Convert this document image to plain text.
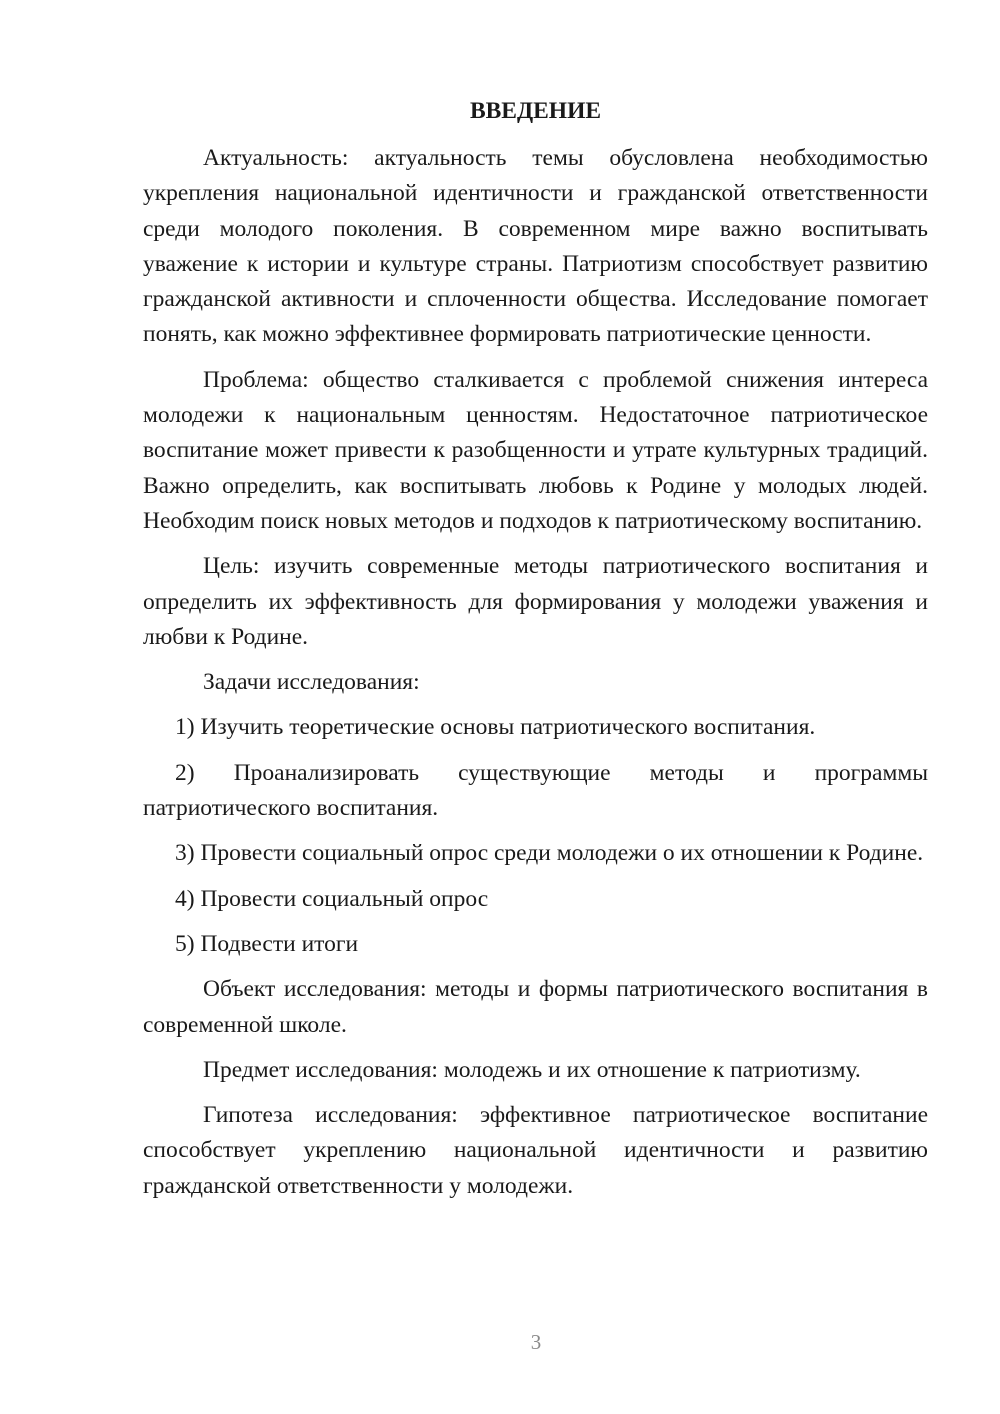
ВВЕДЕНИЕ

Актуальность: актуальность темы обусловлена необходимостью укрепления национальной идентичности и гражданской ответственности среди молодого поколения. В современном мире важно воспитывать уважение к истории и культуре страны. Патриотизм способствует развитию гражданской активности и сплоченности общества. Исследование помогает понять, как можно эффективнее формировать патриотические ценности.

Проблема: общество сталкивается с проблемой снижения интереса молодежи к национальным ценностям. Недостаточное патриотическое воспитание может привести к разобщенности и утрате культурных традиций. Важно определить, как воспитывать любовь к Родине у молодых людей. Необходим поиск новых методов и подходов к патриотическому воспитанию.

Цель: изучить современные методы патриотического воспитания и определить их эффективность для формирования у молодежи уважения и любви к Родине.

Задачи исследования:

1) Изучить теоретические основы патриотического воспитания.

2) Проанализировать существующие методы и программы патриотического воспитания.

3) Провести социальный опрос среди молодежи о их отношении к Родине.

4) Провести социальный опрос

5) Подвести итоги

Объект исследования: методы и формы патриотического воспитания в современной школе.

Предмет исследования: молодежь и их отношение к патриотизму.

Гипотеза исследования: эффективное патриотическое воспитание способствует укреплению национальной идентичности и развитию гражданской ответственности у молодежи.

3
